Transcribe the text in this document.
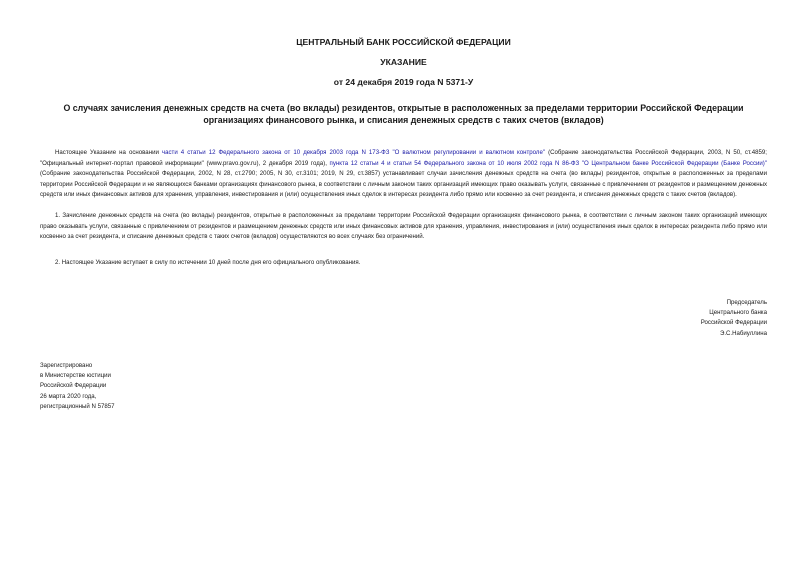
ЦЕНТРАЛЬНЫЙ БАНК РОССИЙСКОЙ ФЕДЕРАЦИИ
УКАЗАНИЕ
от 24 декабря 2019 года N 5371-У
О случаях зачисления денежных средств на счета (во вклады) резидентов, открытые в расположенных за пределами территории Российской Федерации
организациях финансового рынка, и списания денежных средств с таких счетов (вкладов)
Настоящее Указание на основании части 4 статьи 12 Федерального закона от 10 декабря 2003 года N 173-ФЗ "О валютном регулировании и валютном контроле" (Собрание законодательства Российской Федерации, 2003, N 50, ст.4859; "Официальный интернет-портал правовой информации" (www.pravo.gov.ru), 2 декабря 2019 года), пункта 12 статьи 4 и статьи 54 Федерального закона от 10 июля 2002 года N 86-ФЗ "О Центральном банке Российской Федерации (Банке России)" (Собрание законодательства Российской Федерации, 2002, N 28, ст.2790; 2005, N 30, ст.3101; 2019, N 29, ст.3857) устанавливает случаи зачисления денежных средств на счета (во вклады) резидентов, открытые в расположенных за пределами территории Российской Федерации и не являющихся банками организациях финансового рынка, в соответствии с личным законом таких организаций имеющих право оказывать услуги, связанные с привлечением от резидентов и размещением денежных средств или иных финансовых активов для хранения, управления, инвестирования и (или) осуществления иных сделок в интересах резидента либо прямо или косвенно за счет резидента, и списания денежных средств с таких счетов (вкладов).
1. Зачисление денежных средств на счета (во вклады) резидентов, открытые в расположенных за пределами территории Российской Федерации организациях финансового рынка, в соответствии с личным законом таких организаций имеющих право оказывать услуги, связанные с привлечением от резидентов и размещением денежных средств или иных финансовых активов для хранения, управления, инвестирования и (или) осуществления иных сделок в интересах резидента либо прямо или косвенно за счет резидента, и списание денежных средств с таких счетов (вкладов) осуществляются во всех случаях без ограничений.
2. Настоящее Указание вступает в силу по истечении 10 дней после дня его официального опубликования.
Председатель
Центрального банка
Российской Федерации
Э.С.Набиуллина
Зарегистрировано
в Министерстве юстиции
Российской Федерации
26 марта 2020 года,
регистрационный N 57857
